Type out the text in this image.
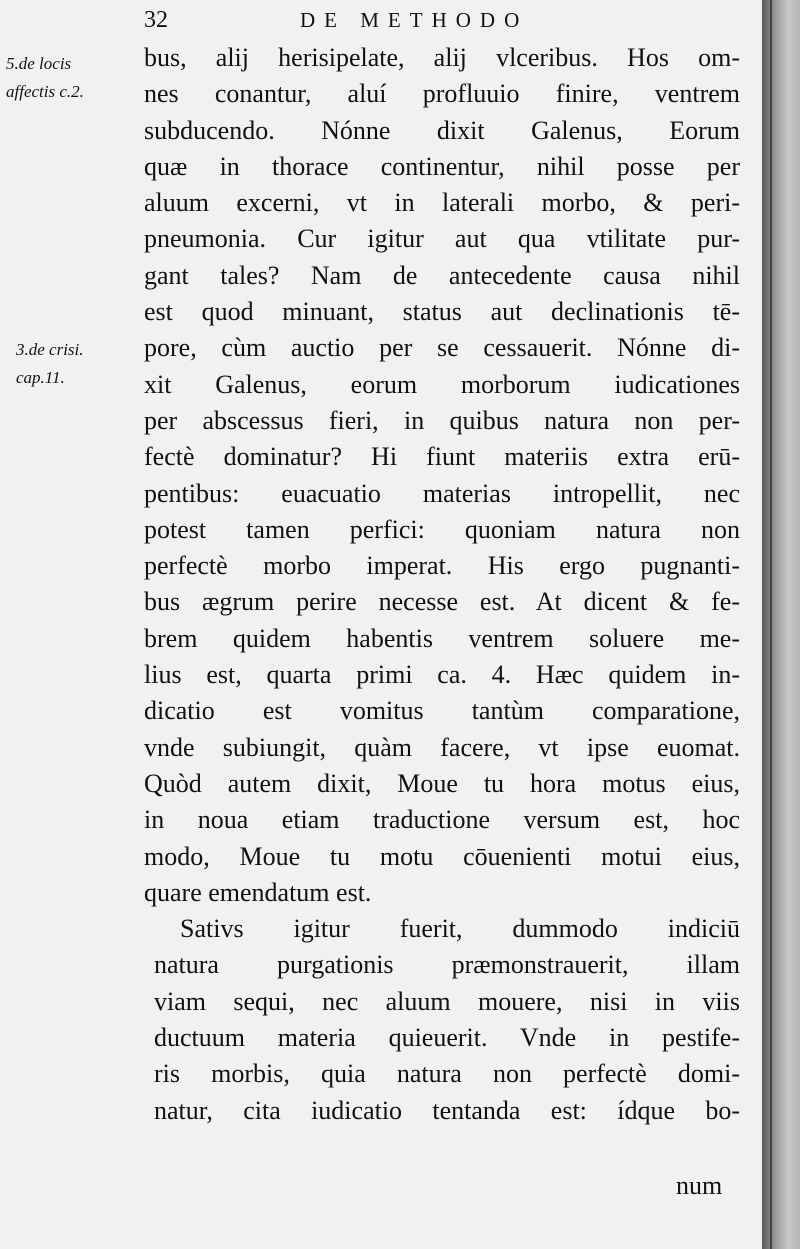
32	DE METHODO
5.de locis
affectis c.2.
3.de crisi.
cap.11.
bus, alij herisipelate, alij vlceribus. Hos om-
nes conantur, aluí profluuio finire, ventrem
subducendo. Nónne dixit Galenus, Eorum
quæ in thorace continentur, nihil posse per
aluum excerni, vt in laterali morbo, & peri-
pneumonia. Cur igitur aut qua vtilitate pur-
gant tales? Nam de antecedente causa nihil
est quod minuant, status aut declinationis tē-
pore, cùm auctio per se cessauerit. Nónne di-
xit Galenus, eorum morborum iudicationes
per abscessus fieri, in quibus natura non per-
fectè dominatur? Hi fiunt materiis extra erū-
pentibus: euacuatio materias intropellit, nec
potest tamen perfici: quoniam natura non
perfectè morbo imperat. His ergo pugnanti-
bus ægrum perire necesse est. At dicent & fe-
brem quidem habentis ventrem soluere me-
lius est, quarta primi ca. 4. Hæc quidem in-
dicatio est vomitus tantùm comparatione,
vnde subiungit, quàm facere, vt ipse euomat.
Quòd autem dixit, Moue tu hora motus eius,
in noua etiam traductione versum est, hoc
modo, Moue tu motu cōuenienti motui eius,
quare emendatum est.
Sativs igitur fuerit, dummodo indiciū
natura purgationis præmonstrauerit, illam
viam sequi, nec aluum mouere, nisi in viis
ductuum materia quieuerit. Vnde in pestife-
ris morbis, quia natura non perfectè domi-
natur, cita iudicatio tentanda est: ídque bo-
num
